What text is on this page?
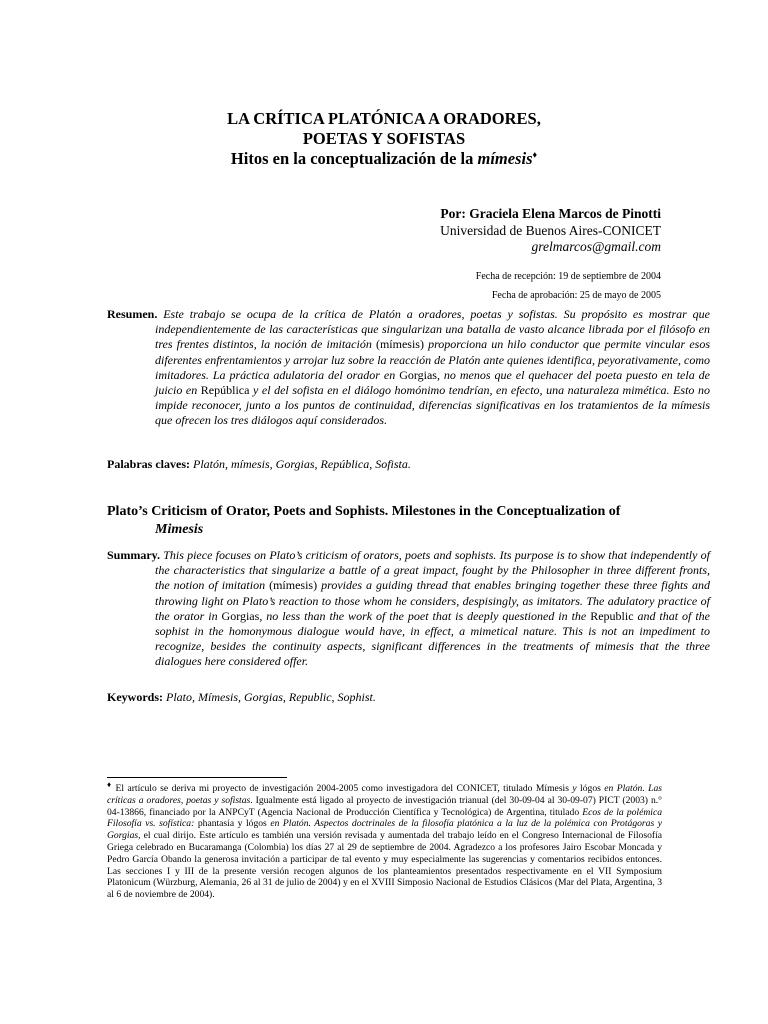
LA CRÍTICA PLATÓNICA A ORADORES,
POETAS Y SOFISTAS
Hitos en la conceptualización de la mímesis♦
Por: Graciela Elena Marcos de Pinotti
Universidad de Buenos Aires-CONICET
grelmarcos@gmail.com
Fecha de recepción: 19 de septiembre de 2004
Fecha de aprobación: 25 de mayo de 2005
Resumen. Este trabajo se ocupa de la crítica de Platón a oradores, poetas y sofistas. Su propósito es mostrar que independientemente de las características que singularizan una batalla de vasto alcance librada por el filósofo en tres frentes distintos, la noción de imitación (mímesis) proporciona un hilo conductor que permite vincular esos diferentes enfrentamientos y arrojar luz sobre la reacción de Platón ante quienes identifica, peyorativamente, como imitadores. La práctica adulatoria del orador en Gorgias, no menos que el quehacer del poeta puesto en tela de juicio en República y el del sofista en el diálogo homónimo tendrían, en efecto, una naturaleza mimética. Esto no impide reconocer, junto a los puntos de continuidad, diferencias significativas en los tratamientos de la mímesis que ofrecen los tres diálogos aquí considerados.
Palabras claves: Platón, mímesis, Gorgias, República, Sofista.
Plato’s Criticism of Orator, Poets and Sophists. Milestones in the Conceptualization of
Mimesis
Summary. This piece focuses on Plato’s criticism of orators, poets and sophists. Its purpose is to show that independently of the characteristics that singularize a battle of a great impact, fought by the Philosopher in three different fronts, the notion of imitation (mímesis) provides a guiding thread that enables bringing together these three fights and throwing light on Plato’s reaction to those whom he considers, despisingly, as imitators. The adulatory practice of the orator in Gorgias, no less than the work of the poet that is deeply questioned in the Republic and that of the sophist in the homonymous dialogue would have, in effect, a mimetical nature. This is not an impediment to recognize, besides the continuity aspects, significant differences in the treatments of mimesis that the three dialogues here considered offer.
Keywords: Plato, Mímesis, Gorgias, Republic, Sophist.
♦ El artículo se deriva mi proyecto de investigación 2004-2005 como investigadora del CONICET, titulado Mímesis y lógos en Platón. Las críticas a oradores, poetas y sofistas. Igualmente está ligado al proyecto de investigación trianual (del 30-09-04 al 30-09-07) PICT (2003) n.° 04-13866, financiado por la ANPCyT (Agencia Nacional de Producción Científica y Tecnológica) de Argentina, titulado Ecos de la polémica Filosofía vs. sofística: phantasía y lógos en Platón. Aspectos doctrinales de la filosofía platónica a la luz de la polémica con Protágoras y Gorgias, el cual dirijo. Este artículo es también una versión revisada y aumentada del trabajo leído en el Congreso Internacional de Filosofía Griega celebrado en Bucaramanga (Colombia) los días 27 al 29 de septiembre de 2004. Agradezco a los profesores Jairo Escobar Moncada y Pedro García Obando la generosa invitación a participar de tal evento y muy especialmente las sugerencias y comentarios recibidos entonces. Las secciones I y III de la presente versión recogen algunos de los planteamientos presentados respectivamente en el VII Symposium Platonicum (Würzburg, Alemania, 26 al 31 de julio de 2004) y en el XVIII Simposio Nacional de Estudios Clásicos (Mar del Plata, Argentina, 3 al 6 de noviembre de 2004).
